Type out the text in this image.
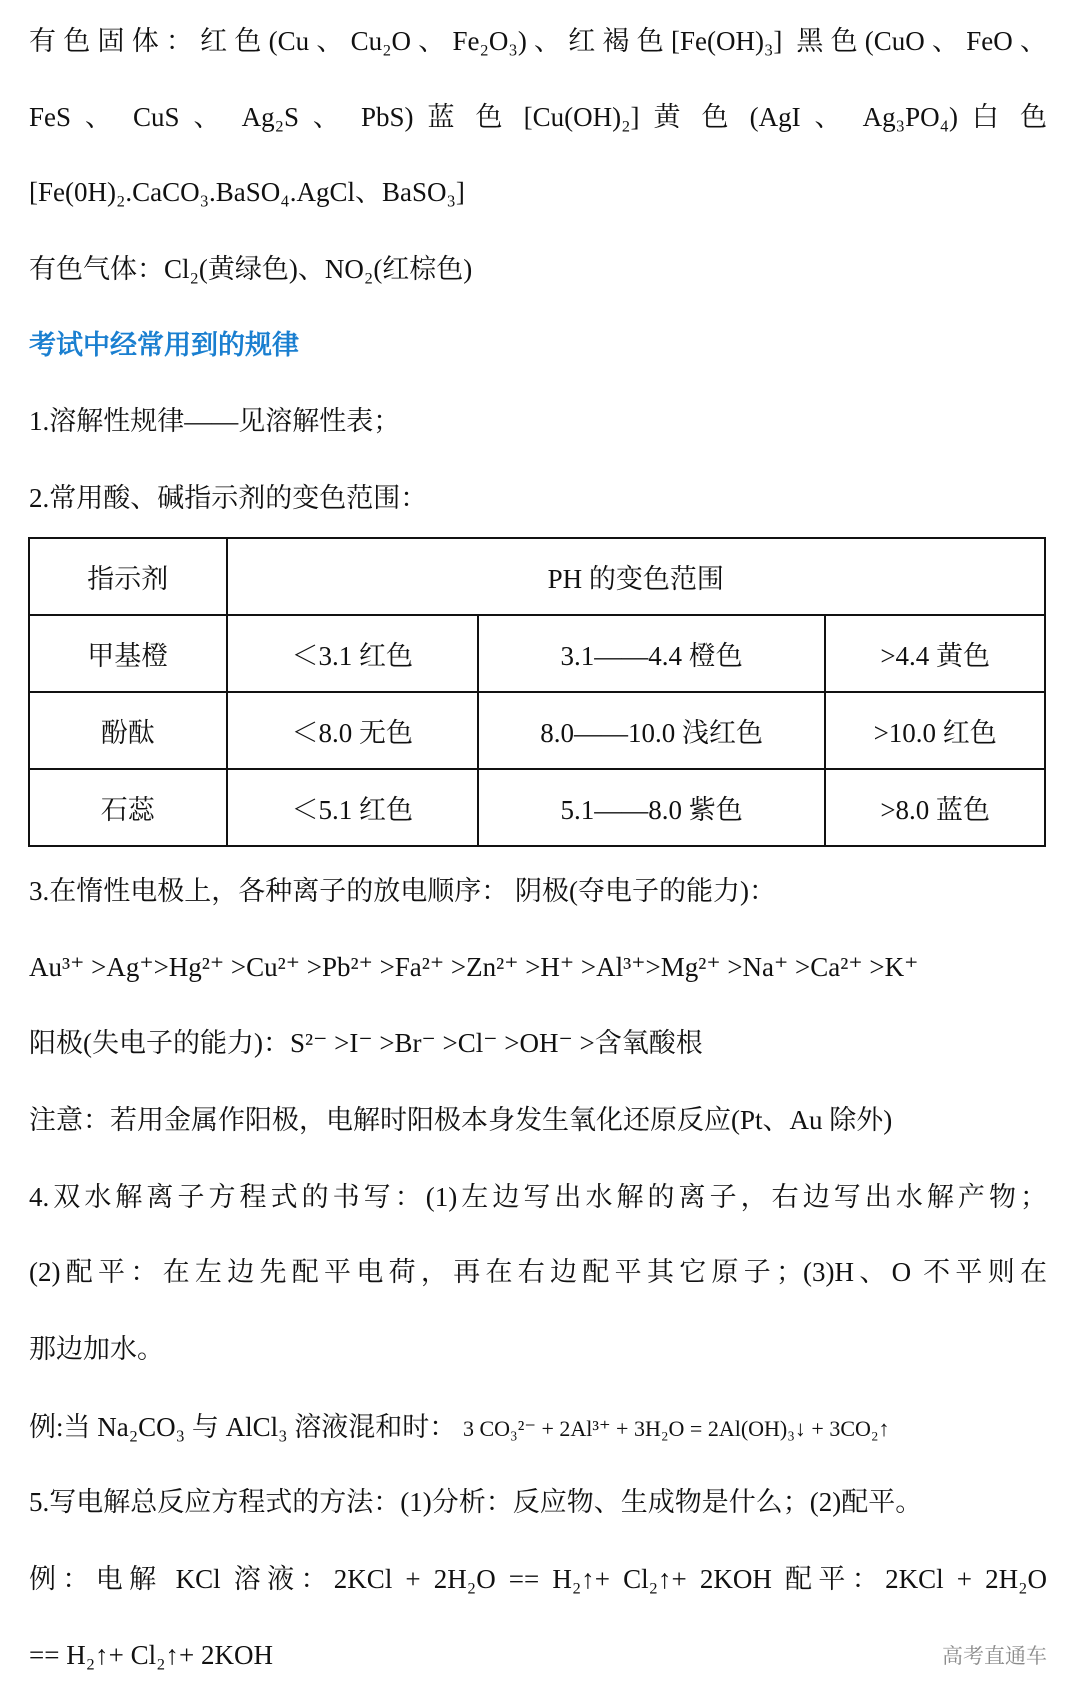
有色固体：红色(Cu、Cu₂O、Fe₂O₃)、红褐色[Fe(OH)₃] 黑色(CuO、FeO、
FeS 、 CuS 、 Ag₂S 、 PbS) 蓝 色 [Cu(OH)₂] 黄 色 (AgI 、 Ag₃PO₄) 白 色
[Fe(0H)₂.CaCO₃.BaSO₄.AgCl、BaSO₃]
有色气体：Cl₂(黄绿色)、NO₂(红棕色)
考试中经常用到的规律
1.溶解性规律——见溶解性表；
2.常用酸、碱指示剂的变色范围：
指示剂	PH 的变色范围		
甲基橙	＜3.1 红色	3.1——4.4 橙色	>4.4 黄色
酚酞	＜8.0 无色	8.0——10.0 浅红色	>10.0 红色
石蕊	＜5.1 红色	5.1——8.0 紫色	>8.0 蓝色
3.在惰性电极上，各种离子的放电顺序： 阴极(夺电子的能力)：
Au³⁺ >Ag⁺>Hg²⁺ >Cu²⁺ >Pb²⁺ >Fa²⁺ >Zn²⁺ >H⁺ >Al³⁺>Mg²⁺ >Na⁺ >Ca²⁺ >K⁺
阳极(失电子的能力)：S²⁻ >I⁻ >Br⁻ >Cl⁻ >OH⁻ >含氧酸根
注意：若用金属作阳极，电解时阳极本身发生氧化还原反应(Pt、Au 除外)
4.双水解离子方程式的书写：(1)左边写出水解的离子，右边写出水解产物；
(2)配平：在左边先配平电荷，再在右边配平其它原子；(3)H、O 不平则在
那边加水。
例:当 Na₂CO₃ 与 AlCl₃ 溶液混和时： 3 CO₃²⁻ + 2Al³⁺ + 3H₂O = 2Al(OH)₃↓ + 3CO₂↑
5.写电解总反应方程式的方法：(1)分析：反应物、生成物是什么；(2)配平。
例：电解 KCl 溶液：2KCl + 2H₂O == H₂↑+ Cl₂↑+ 2KOH 配平：2KCl + 2H₂O
== H₂↑+ Cl₂↑+ 2KOH	高考直通车
